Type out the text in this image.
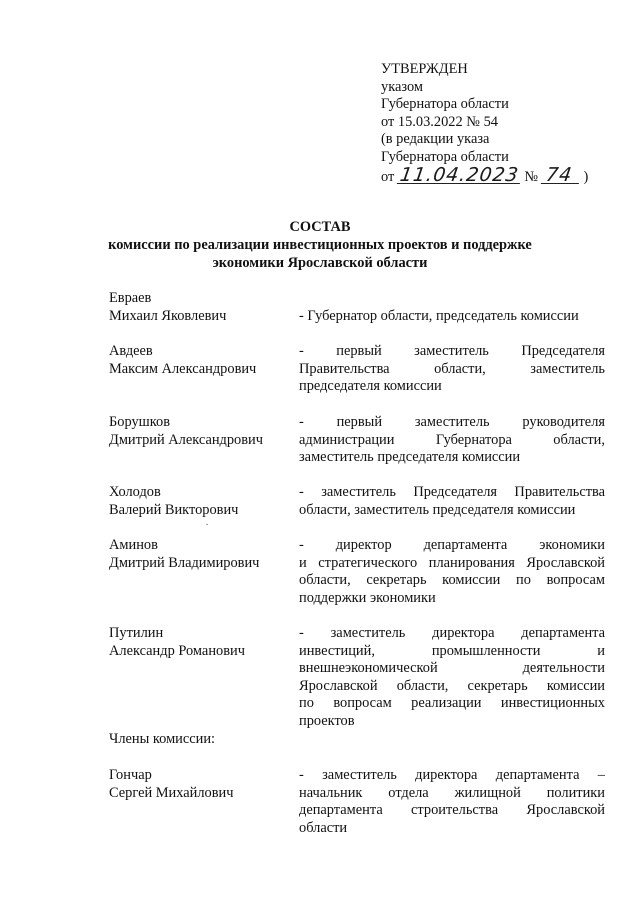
УТВЕРЖДЕН
указом
Губернатора области
от 15.03.2022 № 54
(в редакции указа
Губернатора области
от 11.04.2023 № 74 )
СОСТАВ
комиссии по реализации инвестиционных проектов и поддержке
экономики Ярославской области
Евраев
Михаил Яковлевич	- Губернатор области, председатель комиссии
Авдеев
Максим Александрович
- первый заместитель Председателя
Правительства области, заместитель
председателя комиссии
Борушков
Дмитрий Александрович
- первый заместитель руководителя
администрации Губернатора области,
заместитель председателя комиссии
Холодов
Валерий Викторович
- заместитель Председателя Правительства
области, заместитель председателя комиссии
Аминов
Дмитрий Владимирович
- директор департамента экономики
и стратегического планирования Ярославской
области, секретарь комиссии по вопросам
поддержки экономики
Путилин
Александр Романович
- заместитель директора департамента
инвестиций, промышленности и
внешнеэкономической деятельности
Ярославской области, секретарь комиссии
по вопросам реализации инвестиционных
проектов
Члены комиссии:
Гончар
Сергей Михайлович
- заместитель директора департамента –
начальник отдела жилищной политики
департамента строительства Ярославской
области
